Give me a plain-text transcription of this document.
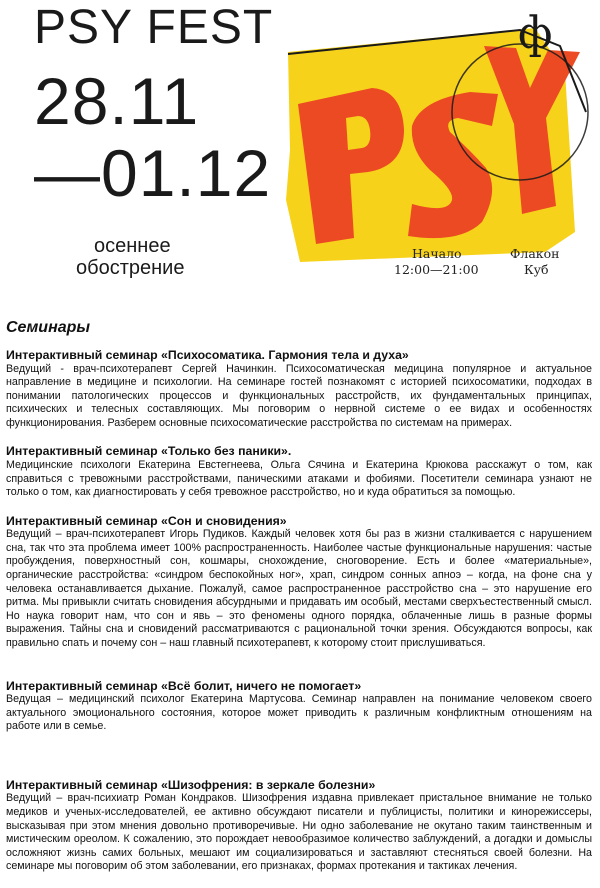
PSY FEST	ф
28.11
—01.12
осеннее
обострение
Начало
12:00—21:00
Флакон
Куб
Семинары
Интерактивный семинар «Психосоматика. Гармония тела и духа»

Ведущий - врач-психотерапевт Сергей Начинкин. Психосоматическая медицина популярное и актуальное направление в медицине и психологии. На семинаре гостей познакомят с историей психосоматики, подходах в понимании патологических процессов и функциональных расстройств, их фундаментальных принципах, психических и телесных составляющих. Мы поговорим о нервной системе о ее видах и особенностях функционирования. Разберем основные психосоматические расстройства по системам на примерах.

Интерактивный семинар «Только без паники».

Медицинские психологи Екатерина Евстегнеева, Ольга Сячина и Екатерина Крюкова расскажут о том, как справиться с тревожными расстройствами, паническими атаками и фобиями. Посетители семинара узнают не только о том, как диагностировать у себя тревожное расстройство, но и куда обратиться за помощью.

Интерактивный семинар «Сон и сновидения»

Ведущий – врач-психотерапевт Игорь Пудиков. Каждый человек хотя бы раз в жизни сталкивается с нарушением сна, так что эта проблема имеет 100% распространенность. Наиболее частые функциональные нарушения: частые пробуждения, поверхностный сон, кошмары, снохождение, сноговорение. Есть и более «материальные», органические расстройства: «синдром беспокойных ног», храп, синдром сонных апноэ – когда, на фоне сна у человека останавливается дыхание. Пожалуй, самое распространенное расстройство сна – это нарушение его ритма. Мы привыкли считать сновидения абсурдными и придавать им особый, местами сверхъестественный смысл. Но наука говорит нам, что сон и явь – это феномены одного порядка, облаченные лишь в разные формы выражения. Тайны сна и сновидений рассматриваются с рациональной точки зрения. Обсуждаются вопросы, как правильно спать и почему сон – наш главный психотерапевт, к которому стоит прислушиваться.

Интерактивный семинар «Всё болит, ничего не помогает»

Ведущая – медицинский психолог Екатерина Мартусова. Семинар направлен на понимание человеком своего актуального эмоционального состояния, которое может приводить к различным конфликтным отношениям на работе или в семье.

Интерактивный семинар «Шизофрения: в зеркале болезни»

Ведущий – врач-психиатр Роман Кондраков. Шизофрения издавна привлекает пристальное внимание не только медиков и ученых-исследователей, ее активно обсуждают писатели и публицисты, политики и кинорежиссеры, высказывая при этом мнения довольно противоречивые. Ни одно заболевание не окутано таким таинственным и мистическим ореолом. К сожалению, это порождает невообразимое количество заблуждений, а догадки и домыслы осложняют жизнь самих больных, мешают им социализироваться и заставляют стесняться своей болезни. На семинаре мы поговорим об этом заболевании, его признаках, формах протекания и тактиках лечения.
